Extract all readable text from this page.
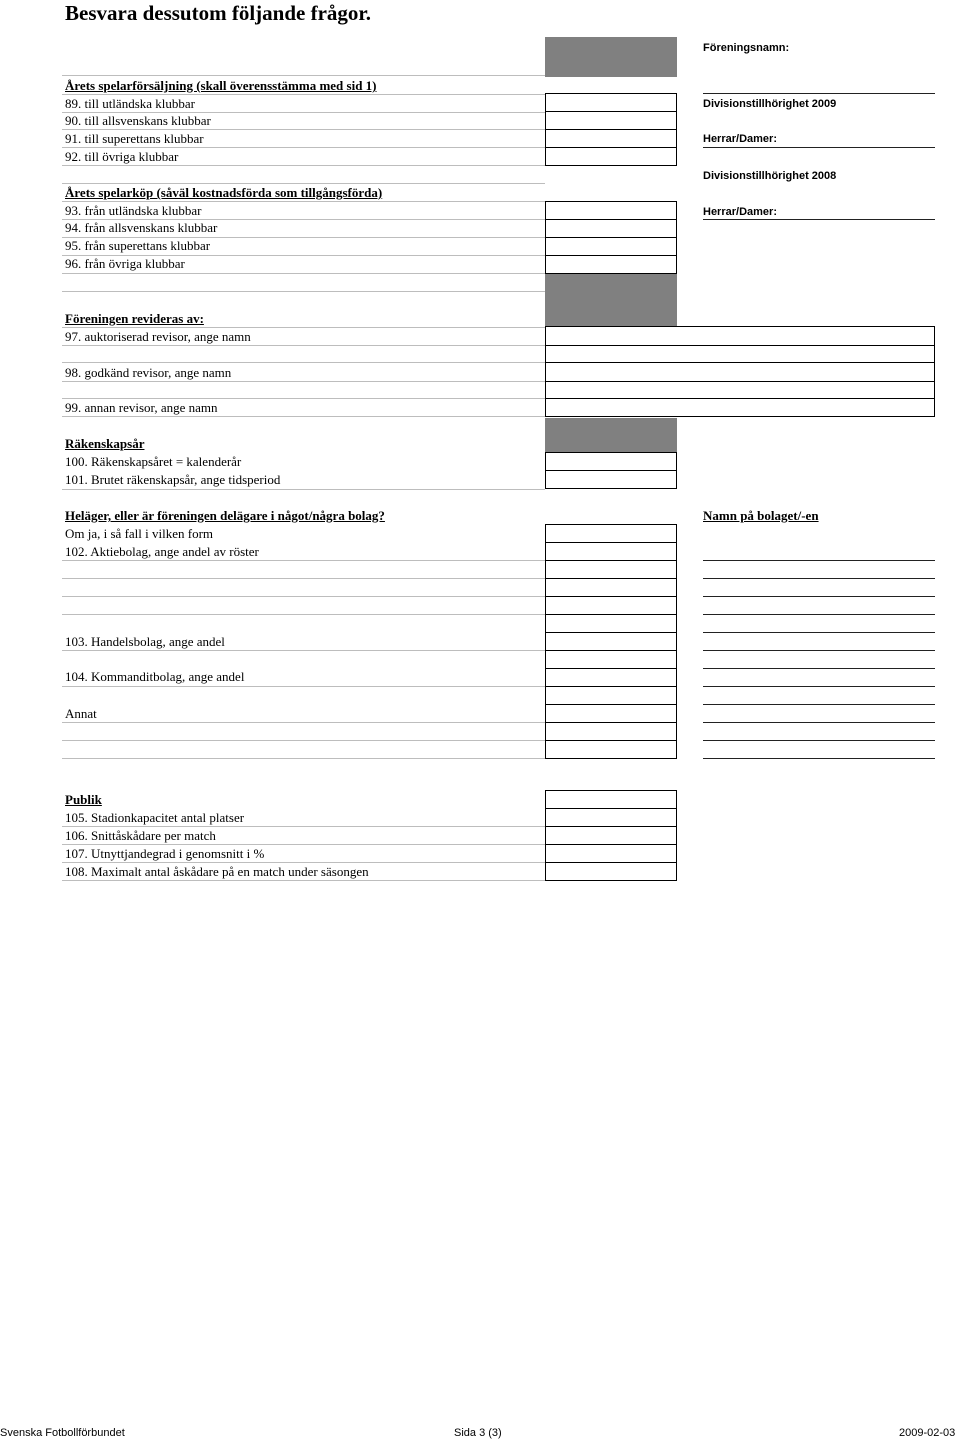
Besvara dessutom följande frågor.
Föreningsnamn:
Divisionstillhörighet 2009
Herrar/Damer:
Divisionstillhörighet 2008
Herrar/Damer:
Årets spelarförsäljning (skall överensstämma med sid 1)
89. till utländska klubbar
90. till allsvenskans klubbar
91. till superettans klubbar
92. till övriga klubbar
Årets spelarköp (såväl kostnadsförda som tillgångsförda)
93. från utländska klubbar
94. från allsvenskans klubbar
95. från superettans klubbar
96. från övriga klubbar
Föreningen revideras av:
97. auktoriserad revisor, ange namn
98. godkänd revisor, ange namn
99. annan revisor, ange namn
Räkenskapsår
100. Räkenskapsåret = kalenderår
101. Brutet räkenskapsår, ange tidsperiod
Heläger, eller är föreningen delägare i något/några bolag?	Namn på bolaget/-en
Om ja, i så fall i vilken form
102. Aktiebolag, ange andel av röster
103. Handelsbolag, ange andel
104. Kommanditbolag, ange andel
Annat
Publik
105. Stadionkapacitet antal platser
106. Snittåskådare per match
107. Utnyttjandegrad i genomsnitt i %
108. Maximalt antal åskådare på en match under säsongen
Svenska Fotbollförbundet	Sida 3 (3)	2009-02-03
